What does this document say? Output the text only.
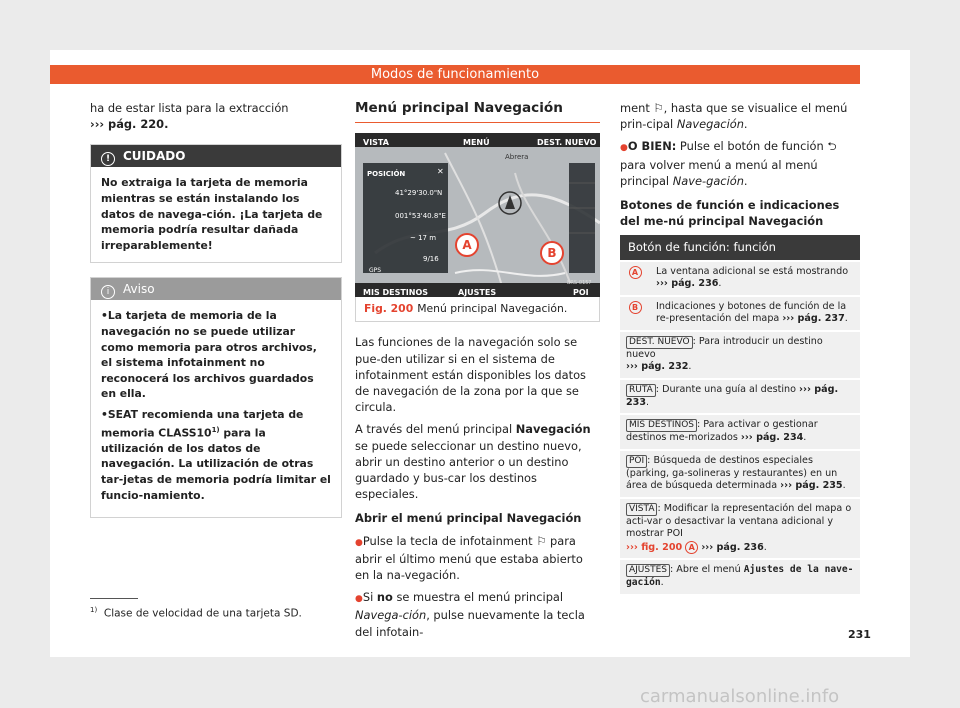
Modos de funcionamiento

ha de estar lista para la extracción
››› pág. 220.

! CUIDADO
No extraiga la tarjeta de memoria mientras se están instalando los datos de navega-ción. ¡La tarjeta de memoria podría resultar dañada irreparablemente!
i Aviso
• La tarjeta de memoria de la navegación no se puede utilizar como memoria para otros archivos, el sistema infotainment no reconocerá los archivos guardados en ella.
• SEAT recomienda una tarjeta de memoria CLASS10$^{1)}$ para la utilización de los datos de navegación. La utilización de otras tar-jetas de memoria podría limitar el funcio-namiento.
Menú principal Navegación
VISTA	MENÚ	DEST. NUEVO
POSICIÓN	✕
41°29'30.0"N
001°53'40.8"E
~ 17 m
9/16
GPS
Abrera
MIS DESTINOS	AJUSTES	POI
A
B
BRS-0157
Fig. 200 Menú principal Navegación.

Las funciones de la navegación solo se pue-den utilizar si en el sistema de infotainment están disponibles los datos de navegación de la zona por la que se circula.

A través del menú principal Navegación se puede seleccionar un destino nuevo, abrir un destino anterior o un destino guardado y bus-car los destinos especiales.

Abrir el menú principal Navegación

● Pulse la tecla de infotainment ⚐ para abrir el último menú que estaba abierto en la na-vegación.

● Si no se muestra el menú principal Navega-ción, pulse nuevamente la tecla del infotain-

ment ⚐, hasta que se visualice el menú prin-cipal Navegación.

● O BIEN: Pulse el botón de función ⮌ para volver menú a menú al menú principal Nave-gación.

Botones de función e indicaciones del me-nú principal Navegación
Botón de función: función	
A	La ventana adicional se está mostrando
››› pág. 236.
B	Indicaciones y botones de función de la re-presentación del mapa ››› pág. 237.
DEST. NUEVO : Para introducir un destino nuevo
››› pág. 232.	
RUTA : Durante una guía al destino ››› pág. 233.	
MIS DESTINOS : Para activar o gestionar destinos me-morizados ››› pág. 234.	
POI : Búsqueda de destinos especiales (parking, ga-solineras y restaurantes) en un área de búsqueda determinada ››› pág. 235.	
VISTA : Modificar la representación del mapa o acti-var o desactivar la ventana adicional y mostrar POI
››› fig. 200 A ››› pág. 236.	
AJUSTES : Abre el menú Ajustes de la nave-gación.	
$^{1)}$ Clase de velocidad de una tarjeta SD.
231
carmanualsonline.info
